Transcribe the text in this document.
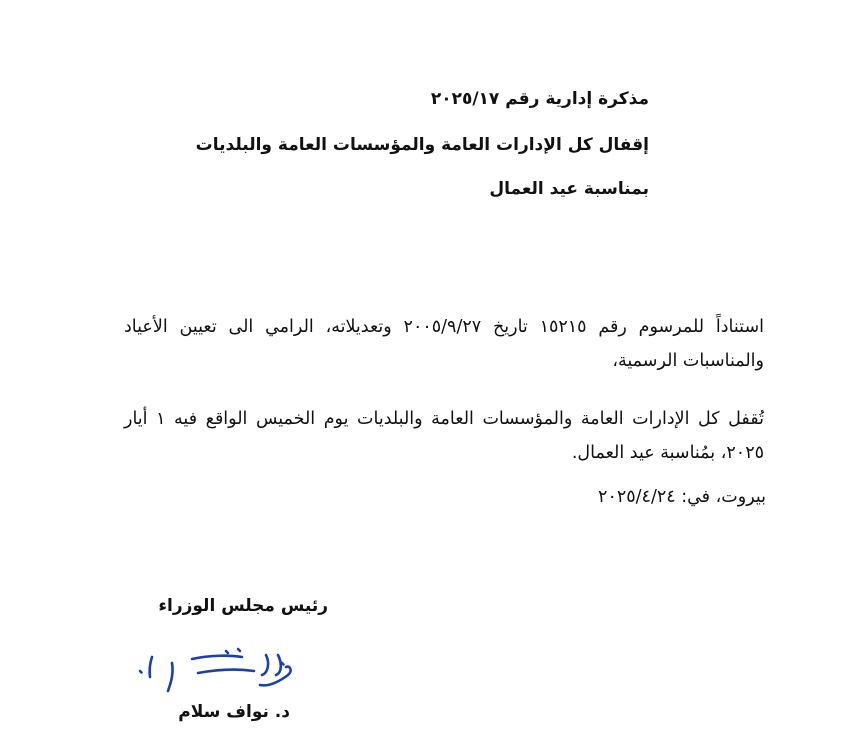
مذكرة إدارية رقم ٢٠٢٥/١٧
إقفال كل الإدارات العامة والمؤسسات العامة والبلديات
بمناسبة عيد العمال

استناداً للمرسوم رقم ١٥٢١٥ تاريخ ٢٠٠٥/٩/٢٧ وتعديلاته، الرامي الى تعيين الأعياد والمناسبات الرسمية،

تُقفل كل الإدارات العامة والمؤسسات العامة والبلديات يوم الخميس الواقع فيه ١ أيار ٢٠٢٥، بمُناسبة عيد العمال.

بيروت، في: ٢٠٢٥/٤/٢٤
رئيس مجلس الوزراء
د. نواف سلام
